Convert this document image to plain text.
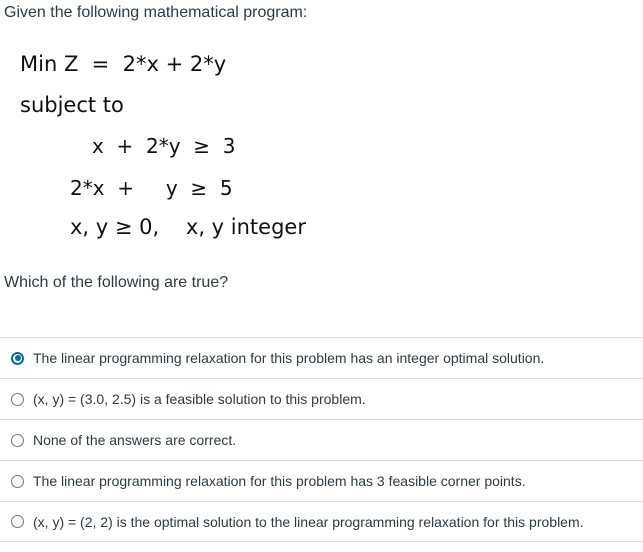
Given the following mathematical program:
Min Z  =  2*x + 2*y
subject to
x  +  2*y  ≥  3
2*x  +     y  ≥  5
x, y ≥ 0,    x, y integer
Which of the following are true?
The linear programming relaxation for this problem has an integer optimal solution.
(x, y) = (3.0, 2.5) is a feasible solution to this problem.
None of the answers are correct.
The linear programming relaxation for this problem has 3 feasible corner points.
(x, y) = (2, 2) is the optimal solution to the linear programming relaxation for this problem.
